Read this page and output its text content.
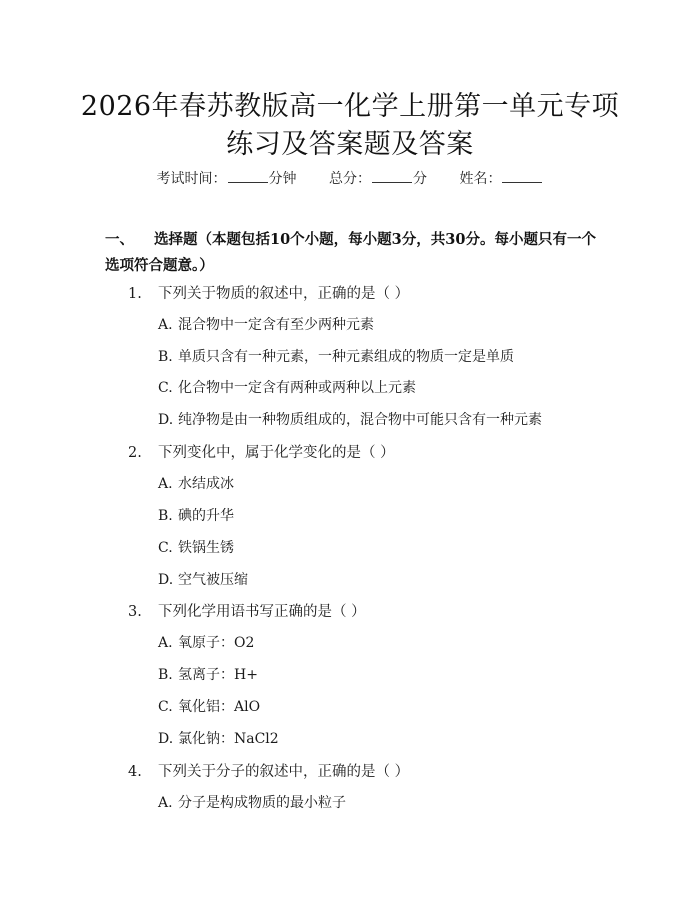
2026年春苏教版高一化学上册第一单元专项
练习及答案题及答案
考试时间：	分钟 总分：	分 姓名：
一、 选择题（本题包括10个小题，每小题3分，共30分。每小题只有一个选项符合题意。）
1. 下列关于物质的叙述中，正确的是（ ）
A. 混合物中一定含有至少两种元素
B. 单质只含有一种元素，一种元素组成的物质一定是单质
C. 化合物中一定含有两种或两种以上元素
D. 纯净物是由一种物质组成的，混合物中可能只含有一种元素
2. 下列变化中，属于化学变化的是（ ）
A. 水结成冰
B. 碘的升华
C. 铁锅生锈
D. 空气被压缩
3. 下列化学用语书写正确的是（ ）
A. 氧原子：O2
B. 氢离子：H+
C. 氧化铝：AlO
D. 氯化钠：NaCl2
4. 下列关于分子的叙述中，正确的是（ ）
A. 分子是构成物质的最小粒子
